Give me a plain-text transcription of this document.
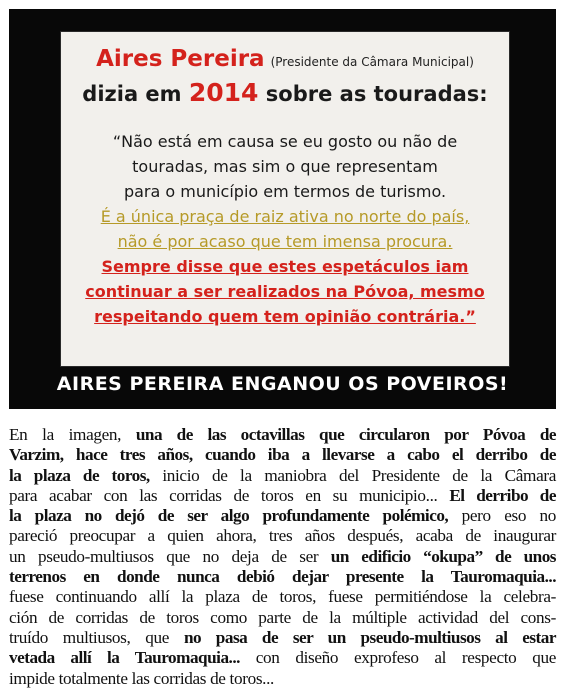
Aires Pereira (Presidente da Câmara Municipal)
dizia em 2014 sobre as touradas:
“Não está em causa se eu gosto ou não de
touradas, mas sim o que representam
para o município em termos de turismo.
É a única praça de raiz ativa no norte do país,
não é por acaso que tem imensa procura.
Sempre disse que estes espetáculos iam
continuar a ser realizados na Póvoa, mesmo
respeitando quem tem opinião contrária.”
AIRES PEREIRA ENGANOU OS POVEIROS!
En la imagen, una de las octavillas que circularon por Póvoa de
Varzim, hace tres años, cuando iba a llevarse a cabo el derribo de
la plaza de toros, inicio de la maniobra del Presidente de la Câmara
para acabar con las corridas de toros en su municipio... El derribo de
la plaza no dejó de ser algo profundamente polémico, pero eso no
pareció preocupar a quien ahora, tres años después, acaba de inaugurar
un pseudo-multiusos que no deja de ser un edificio “okupa” de unos
terrenos en donde nunca debió dejar presente la Tauromaquia...
fuese continuando allí la plaza de toros, fuese permitiéndose la celebra-
ción de corridas de toros como parte de la múltiple actividad del cons-
truído multiusos, que no pasa de ser un pseudo-multiusos al estar
vetada allí la Tauromaquia... con diseño exprofeso al respecto que
impide totalmente las corridas de toros...
